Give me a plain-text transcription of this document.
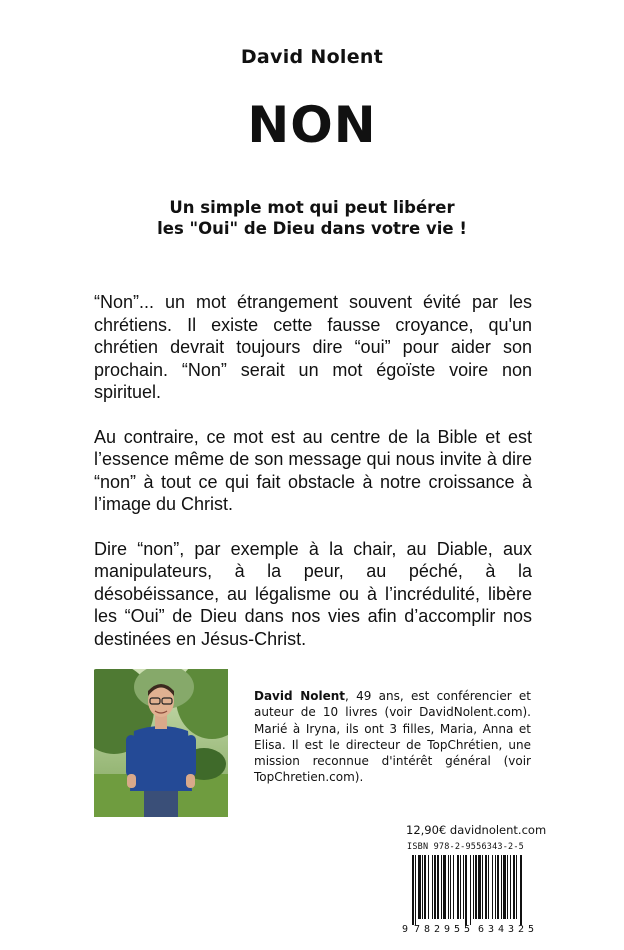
David Nolent
NON
Un simple mot qui peut libérer
les "Oui" de Dieu dans votre vie !

“Non”... un mot étrangement souvent évité par les chrétiens. Il existe cette fausse croyance, qu'un chrétien devrait toujours dire “oui” pour aider son prochain. “Non” serait un mot égoïste voire non spirituel.

Au contraire, ce mot est au centre de la Bible et est l’essence même de son message qui nous invite à dire “non” à tout ce qui fait obstacle à notre croissance à l’image du Christ.

Dire “non”, par exemple à la chair, au Diable, aux manipulateurs, à la peur, au péché, à la désobéissance, au légalisme ou à l’incrédulité, libère les “Oui” de Dieu dans nos vies afin d’accomplir nos destinées en Jésus-Christ.

David Nolent, 49 ans, est conférencier et auteur de 10 livres (voir DavidNolent.com). Marié à Iryna, ils ont 3 filles, Maria, Anna et Elisa. Il est le directeur de TopChrétien, une mission reconnue d'intérêt général (voir TopChretien.com).
12,90€ davidnolent.com
ISBN 978-2-9556343-2-5
9 782955 634325
